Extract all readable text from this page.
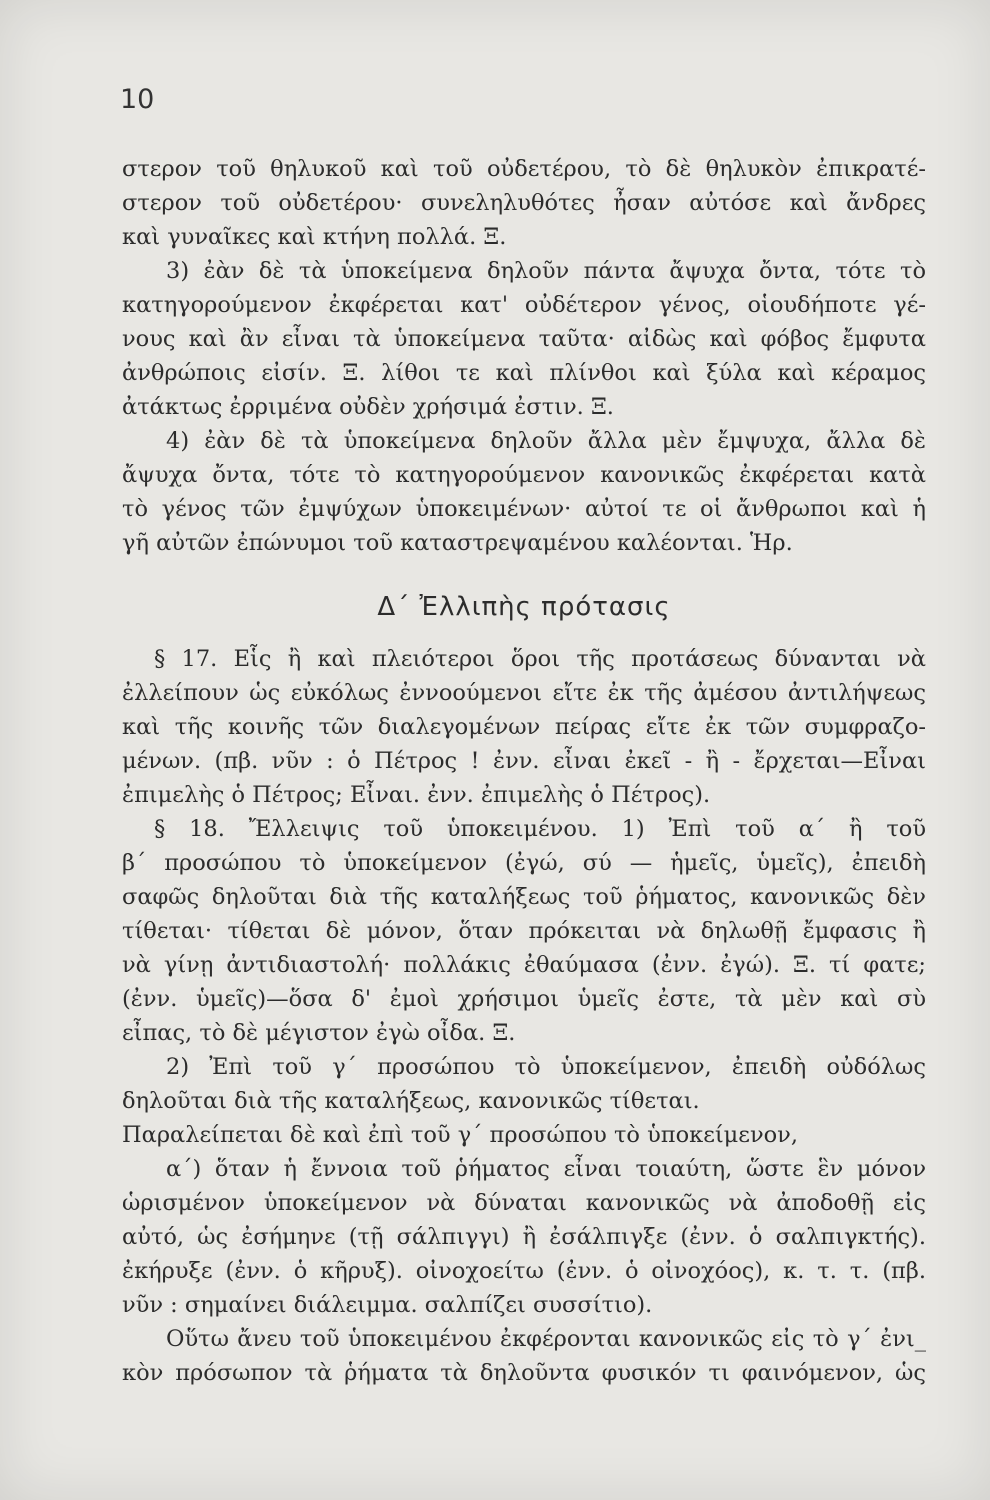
10
στερον τοῦ θηλυκοῦ καὶ τοῦ οὐδετέρου, τὸ δὲ θηλυκὸν ἐπικρατέ-
στερον τοῦ οὐδετέρου· συνεληλυθότες ἦσαν αὐτόσε καὶ ἄνδρες
καὶ γυναῖκες καὶ κτήνη πολλά. Ξ.
3) ἐὰν δὲ τὰ ὑποκείμενα δηλοῦν πάντα ἄψυχα ὄντα, τότε τὸ
κατηγορούμενον ἐκφέρεται κατ' οὐδέτερον γένος, οἱουδήποτε γέ-
νους καὶ ἂν εἶναι τὰ ὑποκείμενα ταῦτα· αἰδὼς καὶ φόβος ἔμφυτα
ἀνθρώποις εἰσίν. Ξ. λίθοι τε καὶ πλίνθοι καὶ ξύλα καὶ κέραμος
ἀτάκτως ἐρριμένα οὐδὲν χρήσιμά ἐστιν. Ξ.
4) ἐὰν δὲ τὰ ὑποκείμενα δηλοῦν ἄλλα μὲν ἔμψυχα, ἄλλα δὲ
ἄψυχα ὄντα, τότε τὸ κατηγορούμενον κανονικῶς ἐκφέρεται κατὰ
τὸ γένος τῶν ἐμψύχων ὑποκειμένων· αὐτοί τε οἱ ἄνθρωποι καὶ ἡ
γῆ αὐτῶν ἐπώνυμοι τοῦ καταστρεψαμένου καλέονται. Ἡρ.
Δ΄ Ἐλλιπὴς πρότασις
§ 17. Εἷς ἢ καὶ πλειότεροι ὅροι τῆς προτάσεως δύνανται νὰ
ἐλλείπουν ὡς εὐκόλως ἐννοούμενοι εἴτε ἐκ τῆς ἀμέσου ἀντιλήψεως
καὶ τῆς κοινῆς τῶν διαλεγομένων πείρας εἴτε ἐκ τῶν συμφραζο-
μένων. (πβ. νῦν : ὁ Πέτρος ! ἐνν. εἶναι ἐκεῖ - ἢ - ἔρχεται—Εἶναι
ἐπιμελὴς ὁ Πέτρος; Εἶναι. ἐνν. ἐπιμελὴς ὁ Πέτρος).
§ 18. Ἔλλειψις τοῦ ὑποκειμένου. 1) Ἐπὶ τοῦ α΄ ἢ τοῦ
β΄ προσώπου τὸ ὑποκείμενον (ἐγώ, σύ — ἡμεῖς, ὑμεῖς), ἐπειδὴ
σαφῶς δηλοῦται διὰ τῆς καταλήξεως τοῦ ῥήματος, κανονικῶς δὲν
τίθεται· τίθεται δὲ μόνον, ὅταν πρόκειται νὰ δηλωθῇ ἔμφασις ἢ
νὰ γίνῃ ἀντιδιαστολή· πολλάκις ἐθαύμασα (ἐνν. ἐγώ). Ξ. τί φατε;
(ἐνν. ὑμεῖς)—ὅσα δ' ἐμοὶ χρήσιμοι ὑμεῖς ἐστε, τὰ μὲν καὶ σὺ
εἶπας, τὸ δὲ μέγιστον ἐγὼ οἶδα. Ξ.
2) Ἐπὶ τοῦ γ΄ προσώπου τὸ ὑποκείμενον, ἐπειδὴ οὐδόλως
δηλοῦται διὰ τῆς καταλήξεως, κανονικῶς τίθεται.
Παραλείπεται δὲ καὶ ἐπὶ τοῦ γ΄ προσώπου τὸ ὑποκείμενον,
α΄) ὅταν ἡ ἔννοια τοῦ ῥήματος εἶναι τοιαύτη, ὥστε ἓν μόνον
ὡρισμένον ὑποκείμενον νὰ δύναται κανονικῶς νὰ ἀποδοθῇ εἰς
αὐτό, ὡς ἐσήμηνε (τῇ σάλπιγγι) ἢ ἐσάλπιγξε (ἐνν. ὁ σαλπιγκτής).
ἐκήρυξε (ἐνν. ὁ κῆρυξ). οἰνοχοείτω (ἐνν. ὁ οἰνοχόος), κ. τ. τ. (πβ.
νῦν : σημαίνει διάλειμμα. σαλπίζει συσσίτιο).
Οὕτω ἄνευ τοῦ ὑποκειμένου ἐκφέρονται κανονικῶς εἰς τὸ γ΄ ἐνι_
κὸν πρόσωπον τὰ ῥήματα τὰ δηλοῦντα φυσικόν τι φαινόμενον, ὡς
